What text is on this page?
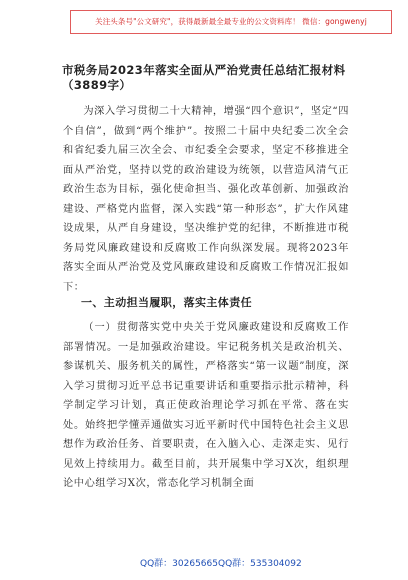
关注头条号"公文研究"，获得最新最全最专业的公文资料库！ 微信：gongwenyj
市税务局2023年落实全面从严治党责任总结汇报材料
（3889字）

为深入学习贯彻二十大精神，增强“四个意识”，坚定“四个自信”，做到“两个维护”。按照二十届中央纪委二次全会和省纪委九届三次全会、市纪委全会要求，坚定不移推进全面从严治党，坚持以党的政治建设为统领，以营造风清气正政治生态为目标，强化使命担当、强化改革创新、加强政治建设、严格党内监督，深入实践“第一种形态”，扩大作风建设成果，从严自身建设，坚决维护党的纪律，不断推进市税务局党风廉政建设和反腐败工作向纵深发展。现将2023年落实全面从严治党及党风廉政建设和反腐败工作情况汇报如下：

一、主动担当履职，落实主体责任

（一）贯彻落实党中央关于党风廉政建设和反腐败工作部署情况。一是加强政治建设。牢记税务机关是政治机关、参谋机关、服务机关的属性，严格落实“第一议题”制度，深入学习贯彻习近平总书记重要讲话和重要指示批示精神，科学制定学习计划，真正使政治理论学习抓在平常、落在实处。始终把学懂弄通做实习近平新时代中国特色社会主义思想作为政治任务、首要职责，在入脑入心、走深走实、见行见效上持续用力。截至目前，共开展集中学习X次，组织理论中心组学习X次，常态化学习机制全面

QQ群：30265665 QQ群：535304092
